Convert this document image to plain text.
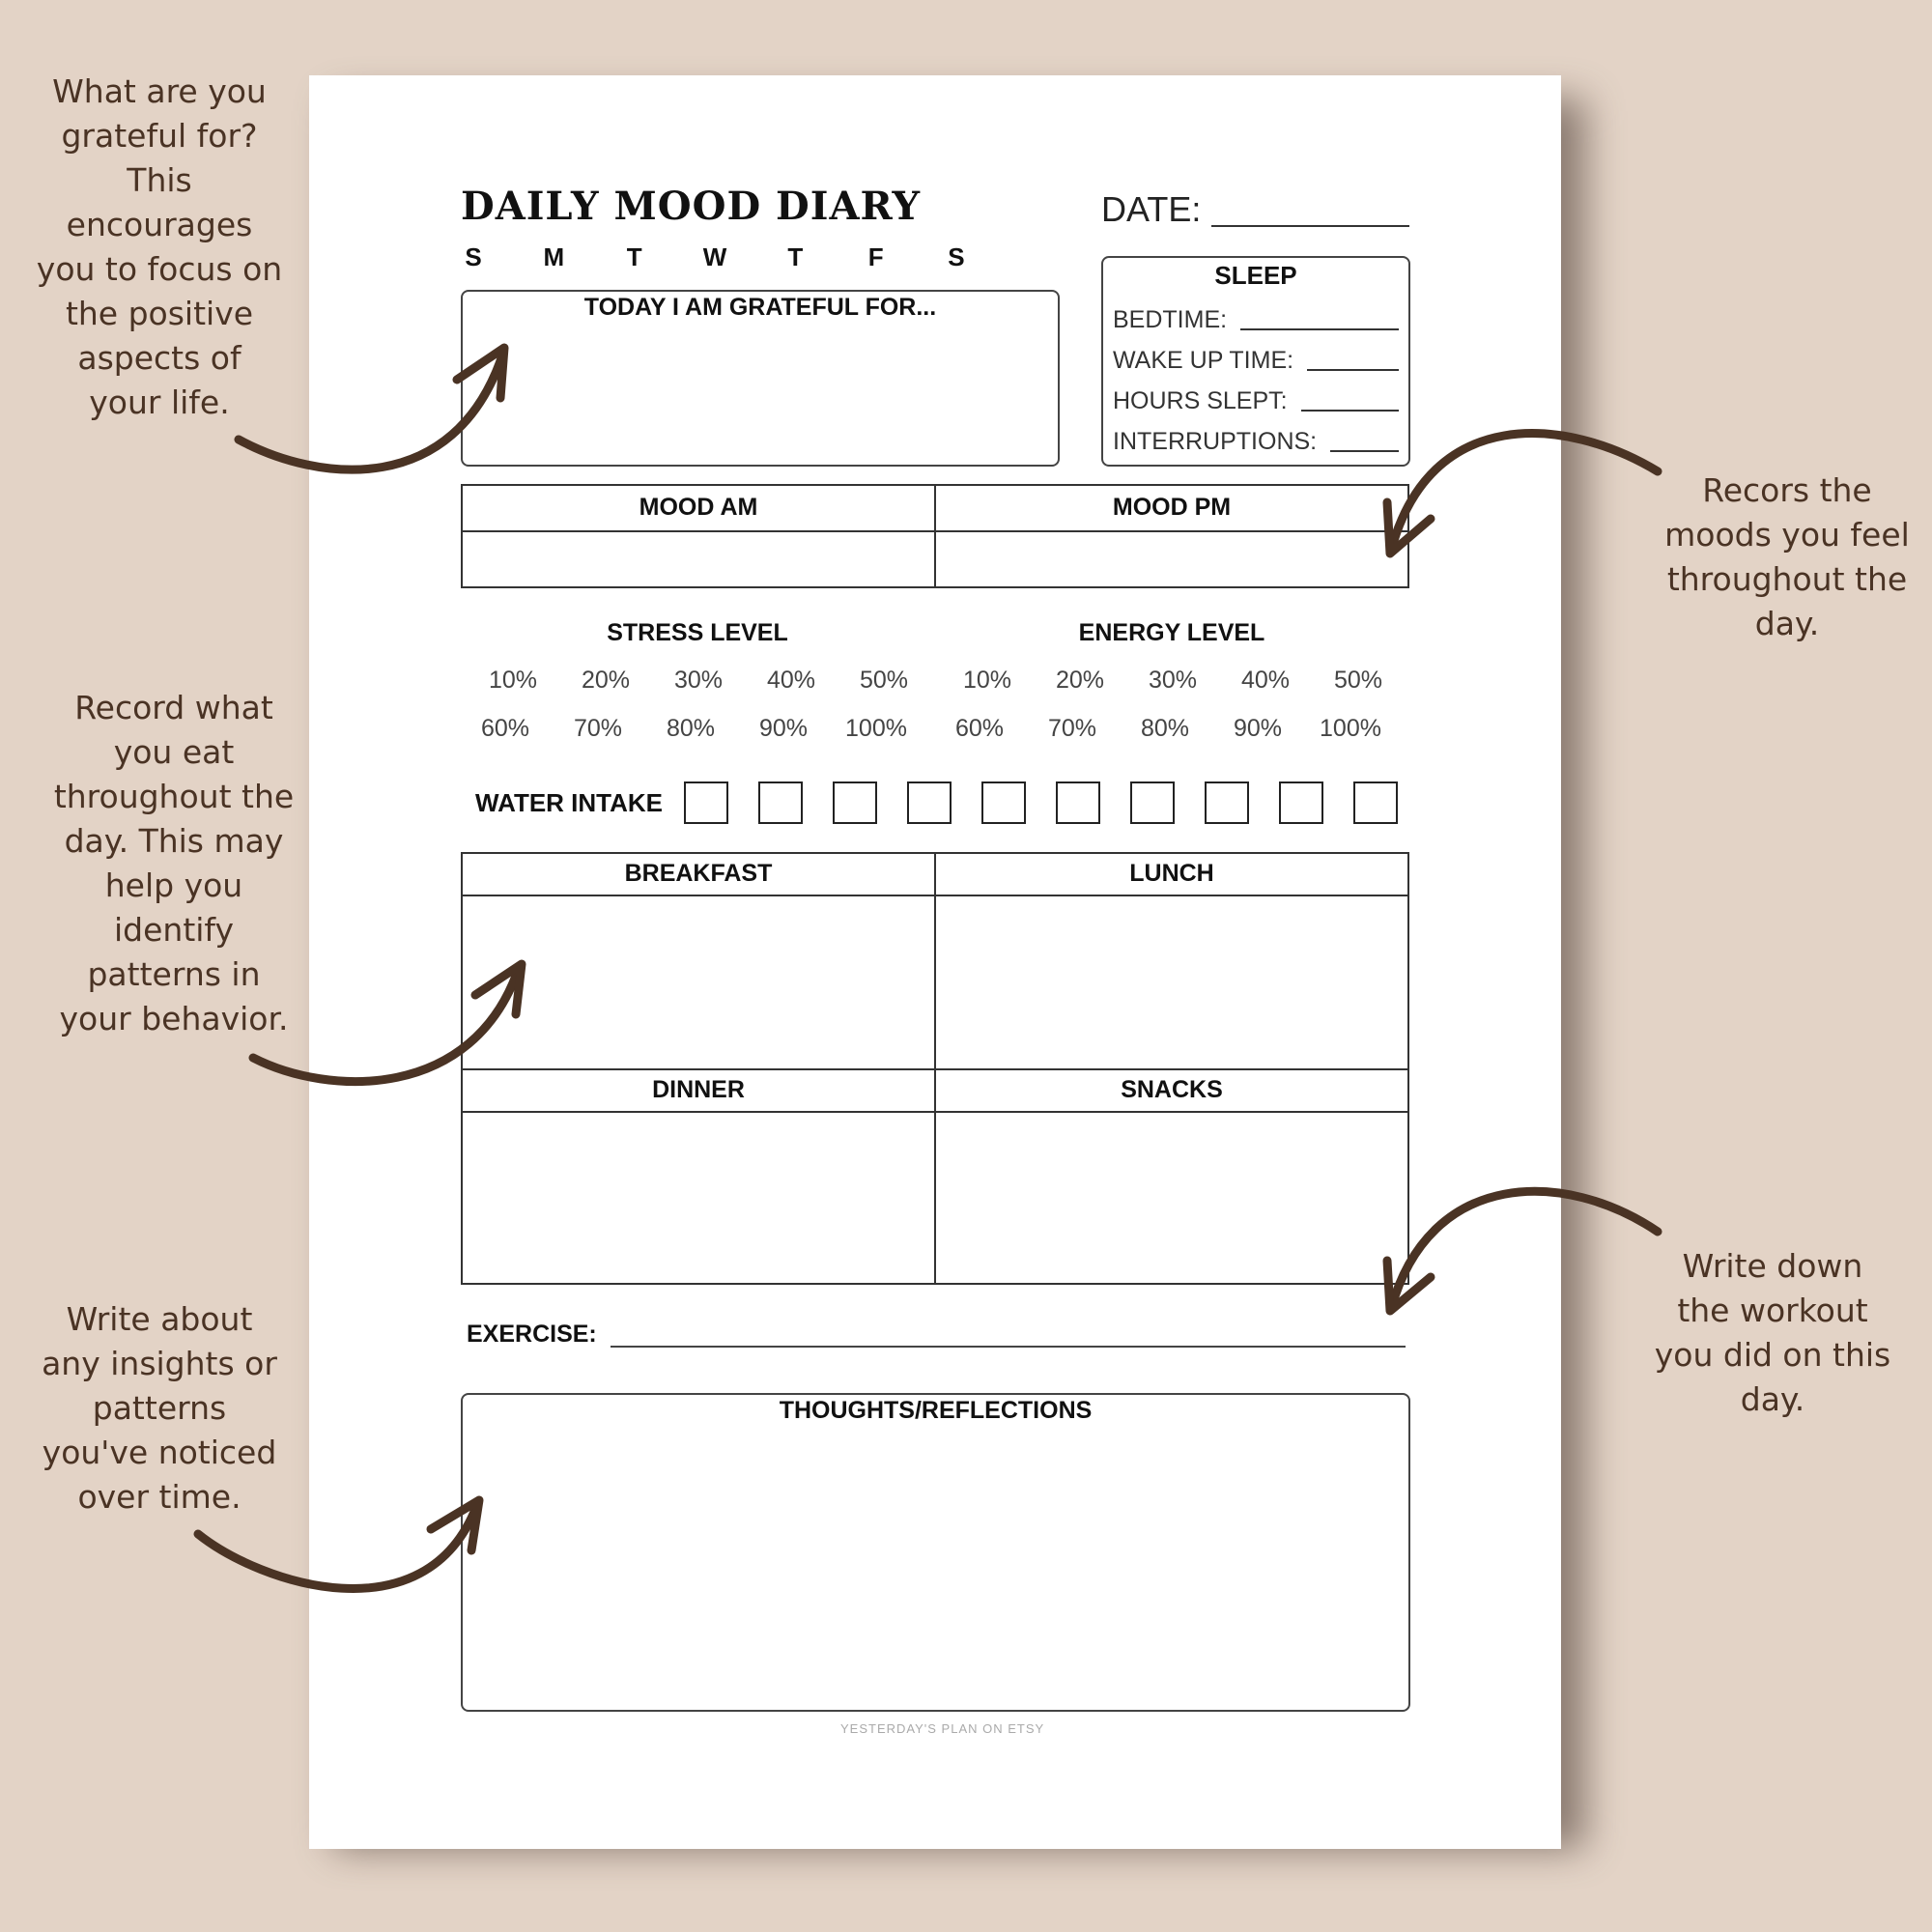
What are you
grateful for?
This
encourages
you to focus on
the positive
aspects of
your life.
Record what
you eat
throughout the
day. This may
help you
identify
patterns in
your behavior.
Write about
any insights or
patterns
you've noticed
over time.
Recors the
moods you feel
throughout the
day.
Write down
the workout
you did on this
day.
DAILY MOOD DIARY	DATE:
S M T W T	F	S
TODAY I AM GRATEFUL FOR...
SLEEP
BEDTIME:
WAKE UP TIME:
HOURS SLEPT:
INTERRUPTIONS:
MOOD AM	MOOD PM
STRESS LEVEL	ENERGY LEVEL
10%	20%	30%	40%	50%
60%	70%	80%	90%	100%
10%	20%	30%	40%	50%
60%	70%	80%	90%	100%
WATER INTAKE
BREAKFAST	LUNCH
DINNER	SNACKS
EXERCISE:
THOUGHTS/REFLECTIONS
YESTERDAY'S PLAN ON ETSY
